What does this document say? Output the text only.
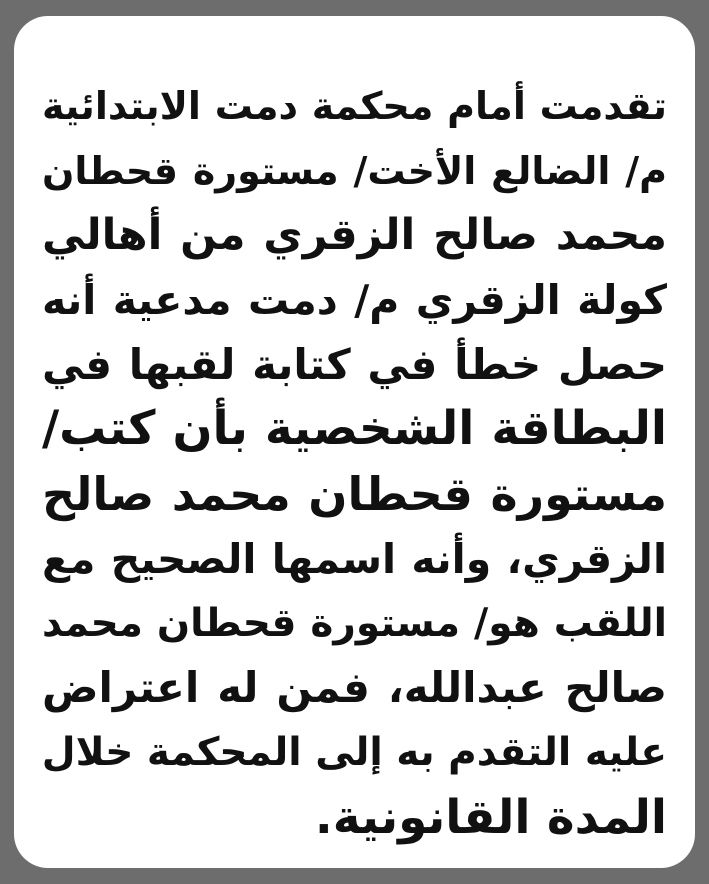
تقدمت أمام محكمة دمت الابتدائية
م/ الضالع الأخت/ مستورة قحطان
محمد صالح الزقري من أهالي
كولة الزقري م/ دمت مدعية أنه
حصل خطأ في كتابة لقبها في
البطاقة الشخصية بأن كتب/
مستورة قحطان محمد صالح
الزقري، وأنه اسمها الصحيح مع
اللقب هو/ مستورة قحطان محمد
صالح عبدالله، فمن له اعتراض
عليه التقدم به إلى المحكمة خلال
المدة القانونية.
